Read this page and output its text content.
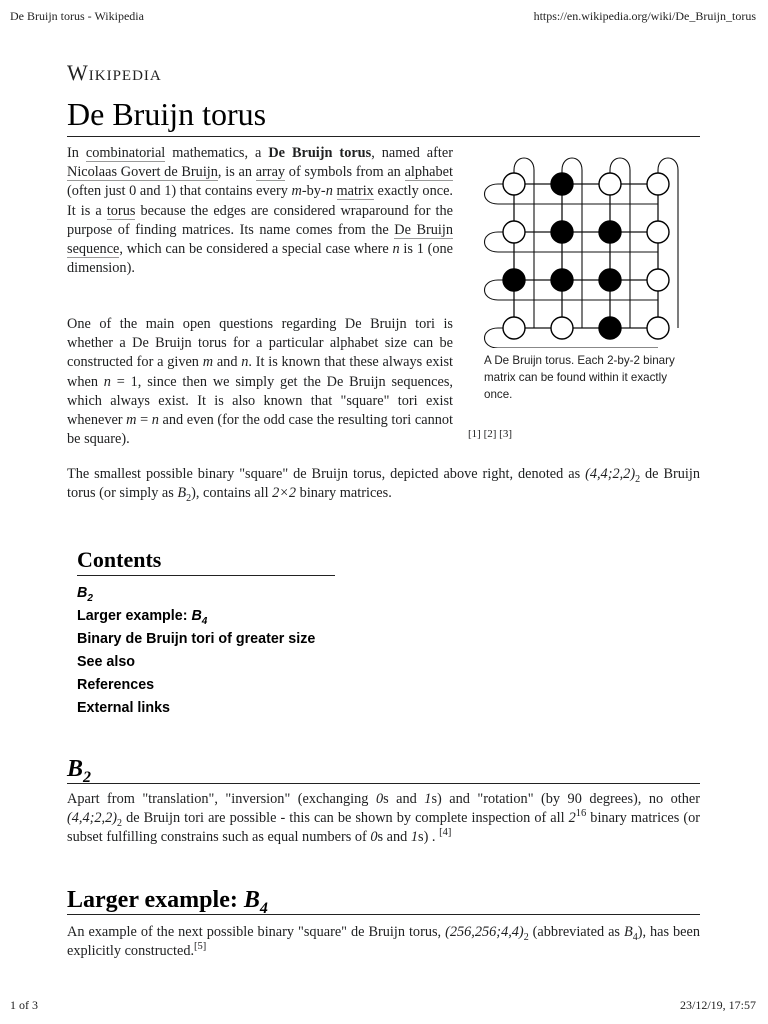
De Bruijn torus - Wikipedia	https://en.wikipedia.org/wiki/De_Bruijn_torus
Wikipedia
De Bruijn torus

In combinatorial mathematics, a De Bruijn torus, named after Nicolaas Govert de Bruijn, is an array of symbols from an alphabet (often just 0 and 1) that contains every m-by-n matrix exactly once. It is a torus because the edges are considered wraparound for the purpose of finding matrices. Its name comes from the De Bruijn sequence, which can be considered a special case where n is 1 (one dimension).

A De Bruijn torus. Each 2-by-2 binary matrix can be found within it exactly once.

One of the main open questions regarding De Bruijn tori is whether a De Bruijn torus for a particular alphabet size can be constructed for a given m and n. It is known that these always exist when n = 1, since then we simply get the De Bruijn sequences, which always exist. It is also known that "square" tori exist whenever m = n and even (for the odd case the resulting tori cannot be square).	[1] [2] [3]

The smallest possible binary "square" de Bruijn torus, depicted above right, denoted as $(4,4;2,2)_2$ de Bruijn torus (or simply as $B_2$), contains all 2×2 binary matrices.

Contents
$B_2$
Larger example: $B_4$
Binary de Bruijn tori of greater size
See also
References
External links
$B_2$

Apart from "translation", "inversion" (exchanging 0s and 1s) and "rotation" (by 90 degrees), no other $(4,4;2,2)_2$ de Bruijn tori are possible - this can be shown by complete inspection of all 2$^{16}$ binary matrices (or subset fulfilling constrains such as equal numbers of 0s and 1s) . [4]

Larger example: $B_4$

An example of the next possible binary "square" de Bruijn torus, $(256,256;4,4)_2$ (abbreviated as $B_4$), has been explicitly constructed.[5]

1 of 3	23/12/19, 17:57
